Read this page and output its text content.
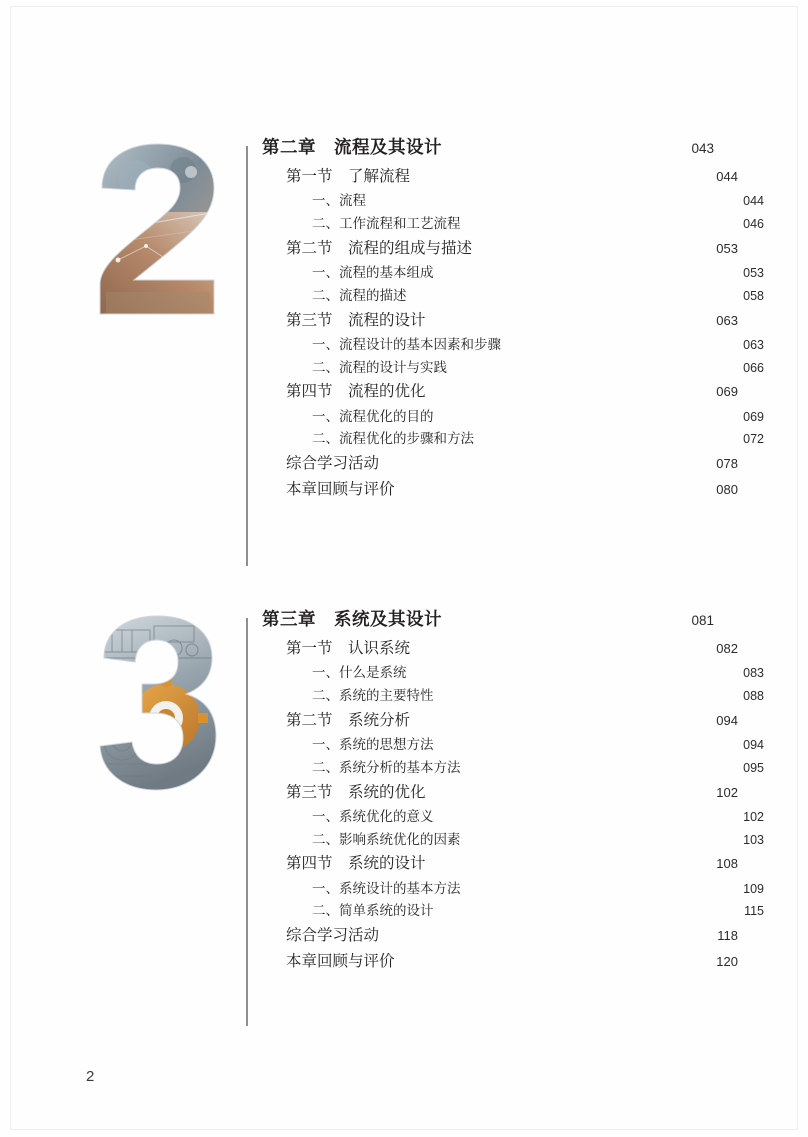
第二章　流程及其设计 ·····	043
第一节　了解流程 ·····	044
一、流程 ·····	044
二、工作流程和工艺流程 ·····	046
第二节　流程的组成与描述 ·····	053
一、流程的基本组成 ·····	053
二、流程的描述 ·····	058
第三节　流程的设计 ·····	063
一、流程设计的基本因素和步骤 ·····	063
二、流程的设计与实践 ·····	066
第四节　流程的优化 ·····	069
一、流程优化的目的 ·····	069
二、流程优化的步骤和方法 ·····	072
综合学习活动 ·····	078
本章回顾与评价 ·····	080
第三章　系统及其设计 ·····	081
第一节　认识系统 ·····	082
一、什么是系统 ·····	083
二、系统的主要特性 ·····	088
第二节　系统分析 ·····	094
一、系统的思想方法 ·····	094
二、系统分析的基本方法 ·····	095
第三节　系统的优化 ·····	102
一、系统优化的意义 ·····	102
二、影响系统优化的因素 ·····	103
第四节　系统的设计 ·····	108
一、系统设计的基本方法 ·····	109
二、简单系统的设计 ·····	115
综合学习活动 ·····	118
本章回顾与评价 ·····	120
2
